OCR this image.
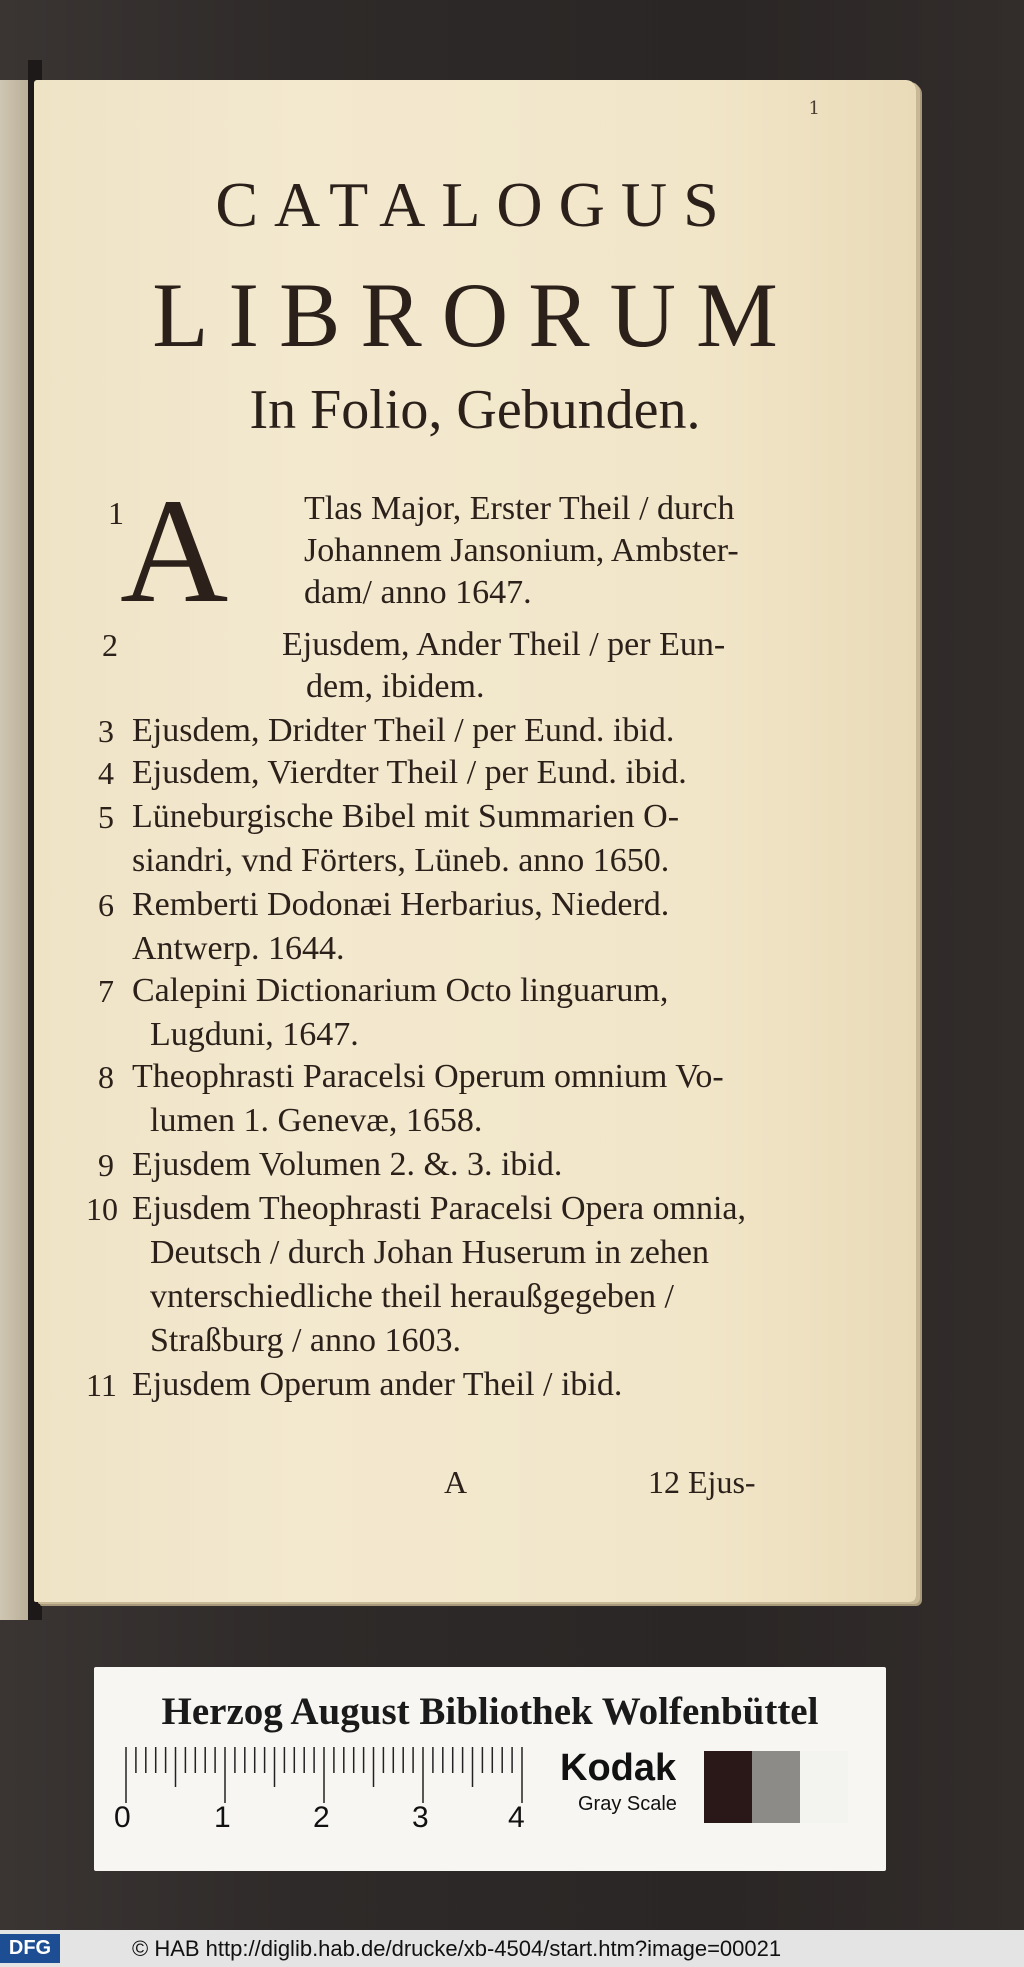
1
CATALOGUS
LIBRORUM
In Folio, Gebunden.
1
A Tlas Major, Erster Theil / durch
Johannem Jansonium, Ambster-
dam/ anno 1647.
2	Ejusdem, Ander Theil / per Eun-
dem, ibidem.
3 Ejusdem, Dridter Theil / per Eund. ibid.
4 Ejusdem, Vierdter Theil / per Eund. ibid.
5 Lüneburgische Bibel mit Summarien O-
siandri, vnd Förters, Lüneb. anno 1650.
6 Remberti Dodonæi Herbarius, Niederd.
Antwerp. 1644.
7 Calepini Dictionarium Octo linguarum,
Lugduni, 1647.
8 Theophrasti Paracelsi Operum omnium Vo-
lumen 1. Genevæ, 1658.
9 Ejusdem Volumen 2. &. 3. ibid.
10 Ejusdem Theophrasti Paracelsi Opera omnia,
Deutsch / durch Johan Huserum in zehen
vnterschiedliche theil heraußgegeben /
Straßburg / anno 1603.
11 Ejusdem Operum ander Theil / ibid.
A	12 Ejus-
Herzog August Bibliothek Wolfenbüttel
0	1	2	3	4
Kodak
Gray Scale
DFG	© HAB http://diglib.hab.de/drucke/xb-4504/start.htm?image=00021
